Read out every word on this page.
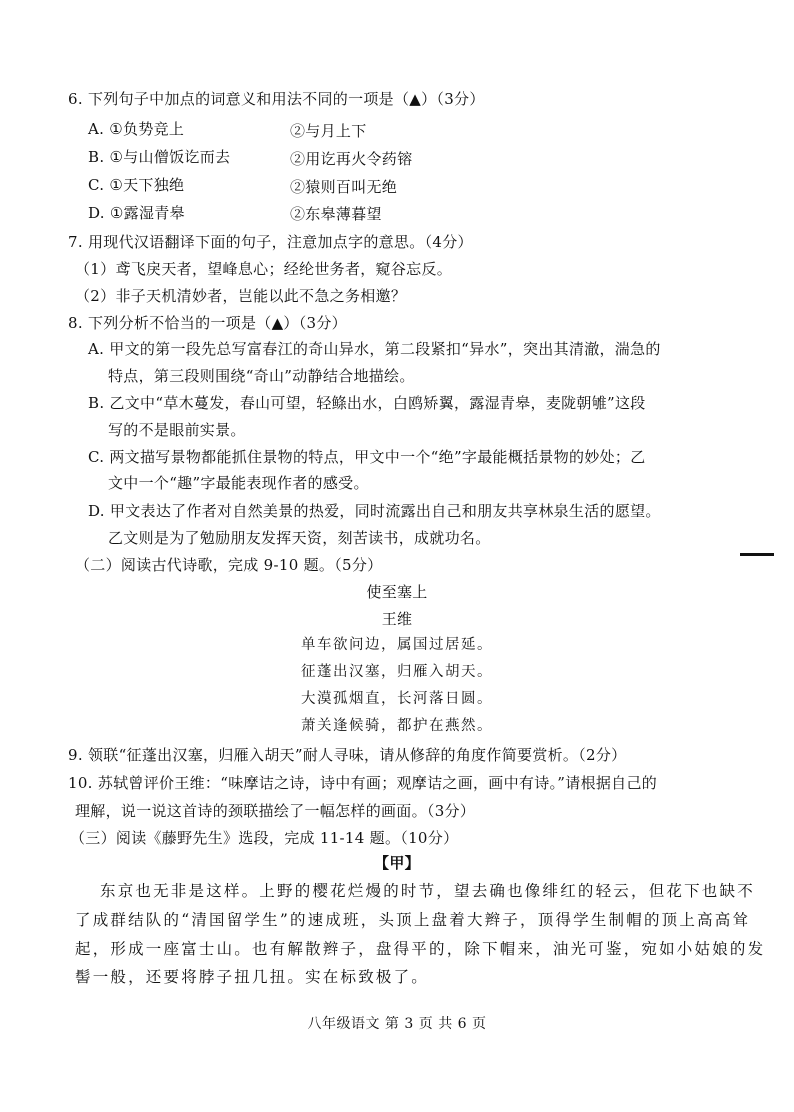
6. 下列句子中加点的词意义和用法不同的一项是（▲）（3分）
A. ①负势竞上	②与月上下
B. ①与山僧饭讫而去	②用讫再火令药镕
C. ①天下独绝	②猿则百叫无绝
D. ①露湿青皋	②东皋薄暮望
7. 用现代汉语翻译下面的句子，注意加点字的意思。（4分）
（1）鸢飞戾天者，望峰息心；经纶世务者，窥谷忘反。
（2）非子天机清妙者，岂能以此不急之务相邀？
8. 下列分析不恰当的一项是（▲）（3分）
A. 甲文的第一段先总写富春江的奇山异水，第二段紧扣“异水”，突出其清澈，湍急的
特点，第三段则围绕“奇山”动静结合地描绘。
B. 乙文中“草木蔓发，春山可望，轻鲦出水，白鸥矫翼，露湿青皋，麦陇朝雊”这段
写的不是眼前实景。
C. 两文描写景物都能抓住景物的特点，甲文中一个“绝”字最能概括景物的妙处；乙
文中一个“趣”字最能表现作者的感受。
D. 甲文表达了作者对自然美景的热爱，同时流露出自己和朋友共享林泉生活的愿望。
乙文则是为了勉励朋友发挥天资，刻苦读书，成就功名。
（二）阅读古代诗歌，完成 9-10 题。（5分）
使至塞上
王维
单车欲问边，属国过居延。
征蓬出汉塞，归雁入胡天。
大漠孤烟直，长河落日圆。
萧关逢候骑，都护在燕然。
9. 领联“征蓬出汉塞，归雁入胡天”耐人寻味，请从修辞的角度作简要赏析。（2分）
10. 苏轼曾评价王维：“味摩诘之诗，诗中有画；观摩诘之画，画中有诗。”请根据自己的
理解，说一说这首诗的颈联描绘了一幅怎样的画面。（3分）
（三）阅读《藤野先生》选段，完成 11-14 题。（10分）
【甲】
东京也无非是这样。上野的樱花烂熳的时节，望去确也像绯红的轻云，但花下也缺不
了成群结队的“清国留学生”的速成班，头顶上盘着大辫子，顶得学生制帽的顶上高高耸
起，形成一座富士山。也有解散辫子，盘得平的，除下帽来，油光可鉴，宛如小姑娘的发
髻一般，还要将脖子扭几扭。实在标致极了。
八年级语文 第 3 页 共 6 页
